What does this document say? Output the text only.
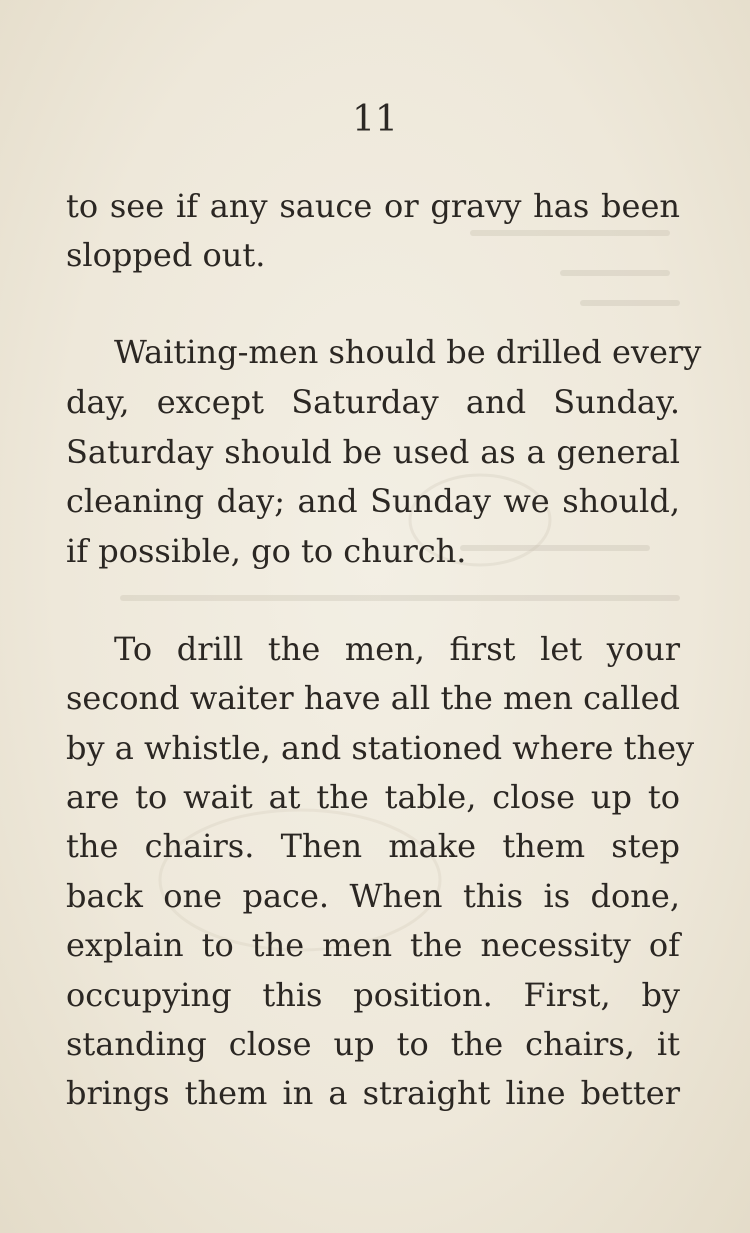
11
to see if any sauce or gravy has been
slopped out.
Waiting-men should be drilled every
day, except Saturday and Sunday.
Saturday should be used as a general
cleaning day; and Sunday we should,
if possible, go to church.
To drill the men, first let your
second waiter have all the men called
by a whistle, and stationed where they
are to wait at the table, close up to
the chairs. Then make them step
back one pace. When this is done,
explain to the men the necessity of
occupying this position. First, by
standing close up to the chairs, it
brings them in a straight line better
